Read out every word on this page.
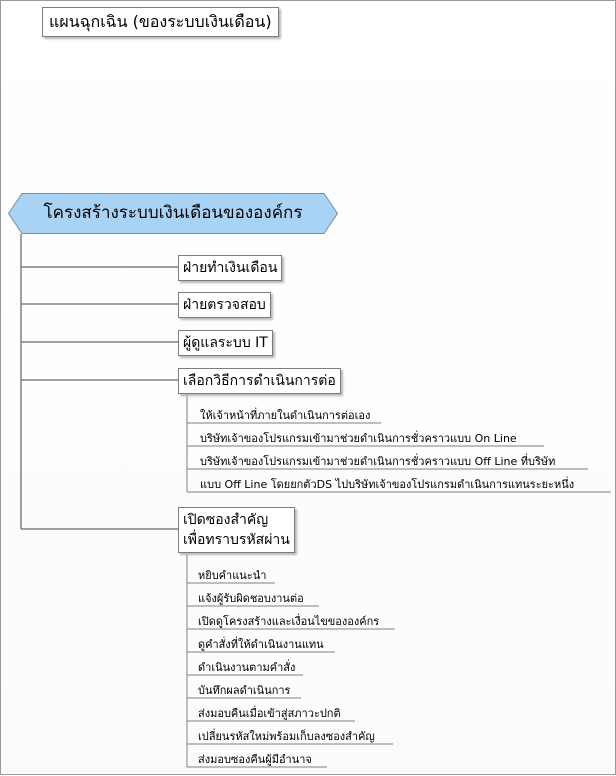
แผนฉุกเฉิน (ของระบบเงินเดือน)
โครงสร้างระบบเงินเดือนขององค์กร
ฝ่ายทำเงินเดือน
ฝ่ายตรวจสอบ
ผู้ดูแลระบบ IT
เลือกวิธีการดำเนินการต่อ
ให้เจ้าหน้าที่ภายในดำเนินการต่อเอง
บริษัทเจ้าของโปรแกรมเข้ามาช่วยดำเนินการชั่วคราวแบบ On Line
บริษัทเจ้าของโปรแกรมเข้ามาช่วยดำเนินการชั่วคราวแบบ Off Line ที่บริษัท
แบบ Off Line โดยยกตัวDS ไปบริษัทเจ้าของโปรแกรมดำเนินการแทนระยะหนึ่ง
เปิดซองสำคัญ
เพื่อทราบรหัสผ่าน
หยิบคำแนะนำ
แจ้งผู้รับผิดชอบงานต่อ
เปิดดูโครงสร้างและเงื่อนไขขององค์กร
ดูคำสั่งที่ให้ดำเนินงานแทน
ดำเนินงานตามคำสั่ง
บันทึกผลดำเนินการ
ส่งมอบคืนเมื่อเข้าสู่สภาวะปกติ
เปลี่ยนรหัสใหม่พร้อมเก็บลงซองสำคัญ
ส่งมอบซองคืนผู้มีอำนาจ
